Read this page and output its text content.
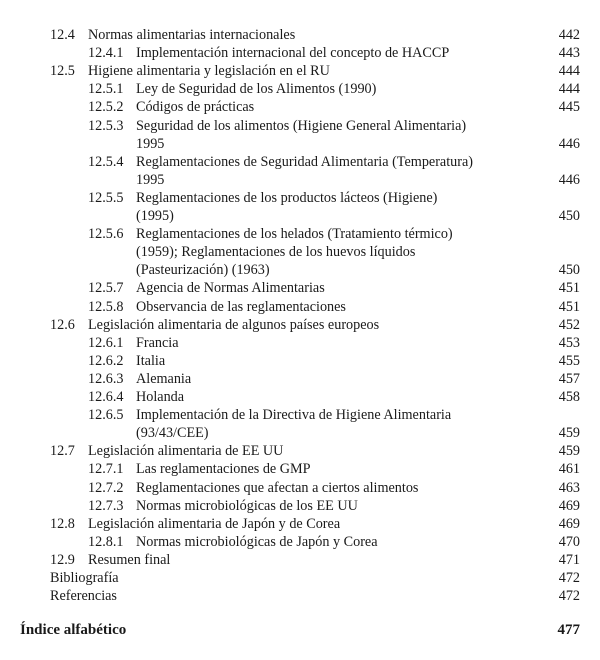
12.4 Normas alimentarias internacionales	442
12.4.1 Implementación internacional del concepto de HACCP	443
12.5 Higiene alimentaria y legislación en el RU	444
12.5.1 Ley de Seguridad de los Alimentos (1990)	444
12.5.2 Códigos de prácticas	445
12.5.3 Seguridad de los alimentos (Higiene General Alimentaria)
1995	446
12.5.4 Reglamentaciones de Seguridad Alimentaria (Temperatura)
1995	446
12.5.5 Reglamentaciones de los productos lácteos (Higiene)
(1995)	450
12.5.6 Reglamentaciones de los helados (Tratamiento térmico)
(1959); Reglamentaciones de los huevos líquidos
(Pasteurización) (1963)	450
12.5.7 Agencia de Normas Alimentarias	451
12.5.8 Observancia de las reglamentaciones	451
12.6 Legislación alimentaria de algunos países europeos	452
12.6.1 Francia	453
12.6.2 Italia	455
12.6.3 Alemania	457
12.6.4 Holanda	458
12.6.5 Implementación de la Directiva de Higiene Alimentaria
(93/43/CEE)	459
12.7 Legislación alimentaria de EE UU	459
12.7.1 Las reglamentaciones de GMP	461
12.7.2 Reglamentaciones que afectan a ciertos alimentos	463
12.7.3 Normas microbiológicas de los EE UU	469
12.8 Legislación alimentaria de Japón y de Corea	469
12.8.1 Normas microbiológicas de Japón y Corea	470
12.9 Resumen final	471
Bibliografía	472
Referencias	472
Índice alfabético	477
